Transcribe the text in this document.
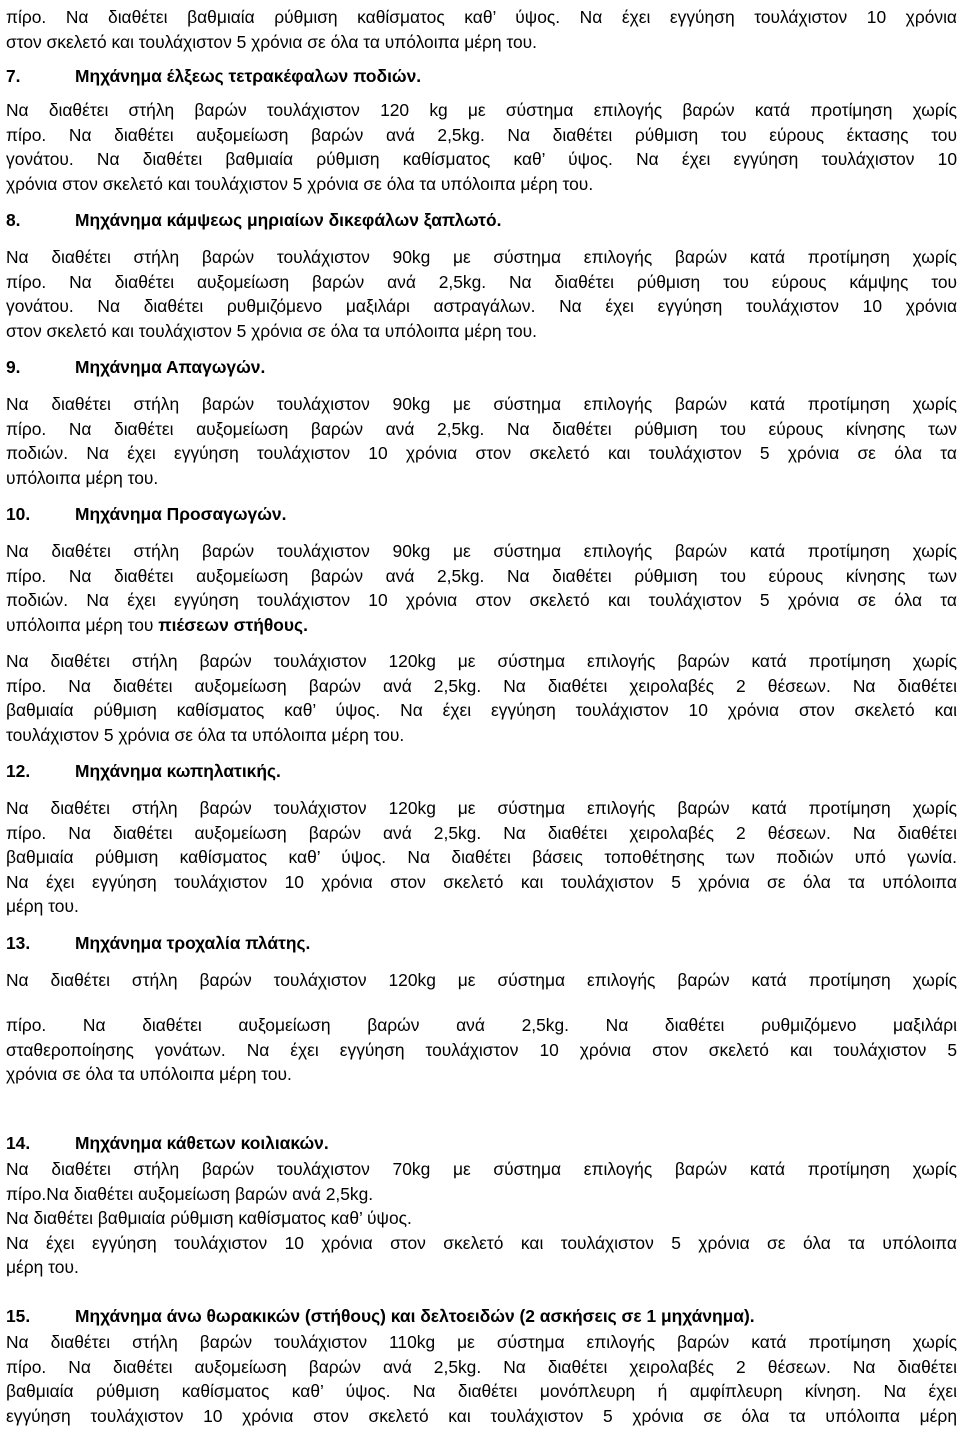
πίρο. Να διαθέτει βαθμιαία ρύθμιση καθίσματος καθ’ ύψος. Να έχει εγγύηση τουλάχιστον 10 χρόνια
στον σκελετό και τουλάχιστον 5 χρόνια σε όλα τα υπόλοιπα μέρη του.
7.	Μηχάνημα έλξεως τετρακέφαλων ποδιών.
Να διαθέτει στήλη βαρών τουλάχιστον 120 kg με σύστημα επιλογής βαρών κατά προτίμηση χωρίς
πίρο. Να διαθέτει αυξομείωση βαρών ανά 2,5kg. Να διαθέτει ρύθμιση του εύρους έκτασης του
γονάτου. Να διαθέτει βαθμιαία ρύθμιση καθίσματος καθ’ ύψος. Να έχει εγγύηση τουλάχιστον 10
χρόνια στον σκελετό και τουλάχιστον 5 χρόνια σε όλα τα υπόλοιπα μέρη του.
8.	Μηχάνημα κάμψεως μηριαίων δικεφάλων ξαπλωτό.
Να διαθέτει στήλη βαρών τουλάχιστον 90kg με σύστημα επιλογής βαρών κατά προτίμηση χωρίς
πίρο. Να διαθέτει αυξομείωση βαρών ανά 2,5kg. Να διαθέτει ρύθμιση του εύρους κάμψης του
γονάτου. Να διαθέτει ρυθμιζόμενο μαξιλάρι αστραγάλων. Να έχει εγγύηση τουλάχιστον 10 χρόνια
στον σκελετό και τουλάχιστον 5 χρόνια σε όλα τα υπόλοιπα μέρη του.
9.	Μηχάνημα Απαγωγών.
Να διαθέτει στήλη βαρών τουλάχιστον 90kg με σύστημα επιλογής βαρών κατά προτίμηση χωρίς
πίρο. Να διαθέτει αυξομείωση βαρών ανά 2,5kg. Να διαθέτει ρύθμιση του εύρους κίνησης των
ποδιών. Να έχει εγγύηση τουλάχιστον 10 χρόνια στον σκελετό και τουλάχιστον 5 χρόνια σε όλα τα
υπόλοιπα μέρη του.
10.	Μηχάνημα Προσαγωγών.
Να διαθέτει στήλη βαρών τουλάχιστον 90kg με σύστημα επιλογής βαρών κατά προτίμηση χωρίς
πίρο. Να διαθέτει αυξομείωση βαρών ανά 2,5kg. Να διαθέτει ρύθμιση του εύρους κίνησης των
ποδιών. Να έχει εγγύηση τουλάχιστον 10 χρόνια στον σκελετό και τουλάχιστον 5 χρόνια σε όλα τα
υπόλοιπα μέρη του πιέσεων στήθους.
Να διαθέτει στήλη βαρών τουλάχιστον 120kg με σύστημα επιλογής βαρών κατά προτίμηση χωρίς
πίρο. Να διαθέτει αυξομείωση βαρών ανά 2,5kg. Να διαθέτει χειρολαβές 2 θέσεων. Να διαθέτει
βαθμιαία ρύθμιση καθίσματος καθ’ ύψος. Να έχει εγγύηση τουλάχιστον 10 χρόνια στον σκελετό και
τουλάχιστον 5 χρόνια σε όλα τα υπόλοιπα μέρη του.
12.	Μηχάνημα κωπηλατικής.
Να διαθέτει στήλη βαρών τουλάχιστον 120kg με σύστημα επιλογής βαρών κατά προτίμηση χωρίς
πίρο. Να διαθέτει αυξομείωση βαρών ανά 2,5kg. Να διαθέτει χειρολαβές 2 θέσεων. Να διαθέτει
βαθμιαία ρύθμιση καθίσματος καθ’ ύψος. Να διαθέτει βάσεις τοποθέτησης των ποδιών υπό γωνία.
Να έχει εγγύηση τουλάχιστον 10 χρόνια στον σκελετό και τουλάχιστον 5 χρόνια σε όλα τα υπόλοιπα
μέρη του.
13.	Μηχάνημα τροχαλία πλάτης.
Να διαθέτει στήλη βαρών τουλάχιστον 120kg με σύστημα επιλογής βαρών κατά προτίμηση χωρίς
πίρο. Να διαθέτει αυξομείωση βαρών ανά 2,5kg. Να διαθέτει ρυθμιζόμενο μαξιλάρι
σταθεροποίησης γονάτων. Να έχει εγγύηση τουλάχιστον 10 χρόνια στον σκελετό και τουλάχιστον 5
χρόνια σε όλα τα υπόλοιπα μέρη του.
14.	Μηχάνημα κάθετων κοιλιακών.
Να διαθέτει στήλη βαρών τουλάχιστον 70kg με σύστημα επιλογής βαρών κατά προτίμηση χωρίς
πίρο.Να διαθέτει αυξομείωση βαρών ανά 2,5kg.
Να διαθέτει βαθμιαία ρύθμιση καθίσματος καθ’ ύψος.
Να έχει εγγύηση τουλάχιστον 10 χρόνια στον σκελετό και τουλάχιστον 5 χρόνια σε όλα τα υπόλοιπα
μέρη του.
15.	Μηχάνημα άνω θωρακικών (στήθους) και δελτοειδών (2 ασκήσεις σε 1 μηχάνημα).
Να διαθέτει στήλη βαρών τουλάχιστον 110kg με σύστημα επιλογής βαρών κατά προτίμηση χωρίς
πίρο. Να διαθέτει αυξομείωση βαρών ανά 2,5kg. Να διαθέτει χειρολαβές 2 θέσεων. Να διαθέτει
βαθμιαία ρύθμιση καθίσματος καθ’ ύψος. Να διαθέτει μονόπλευρη ή αμφίπλευρη κίνηση. Να έχει
εγγύηση τουλάχιστον 10 χρόνια στον σκελετό και τουλάχιστον 5 χρόνια σε όλα τα υπόλοιπα μέρη
